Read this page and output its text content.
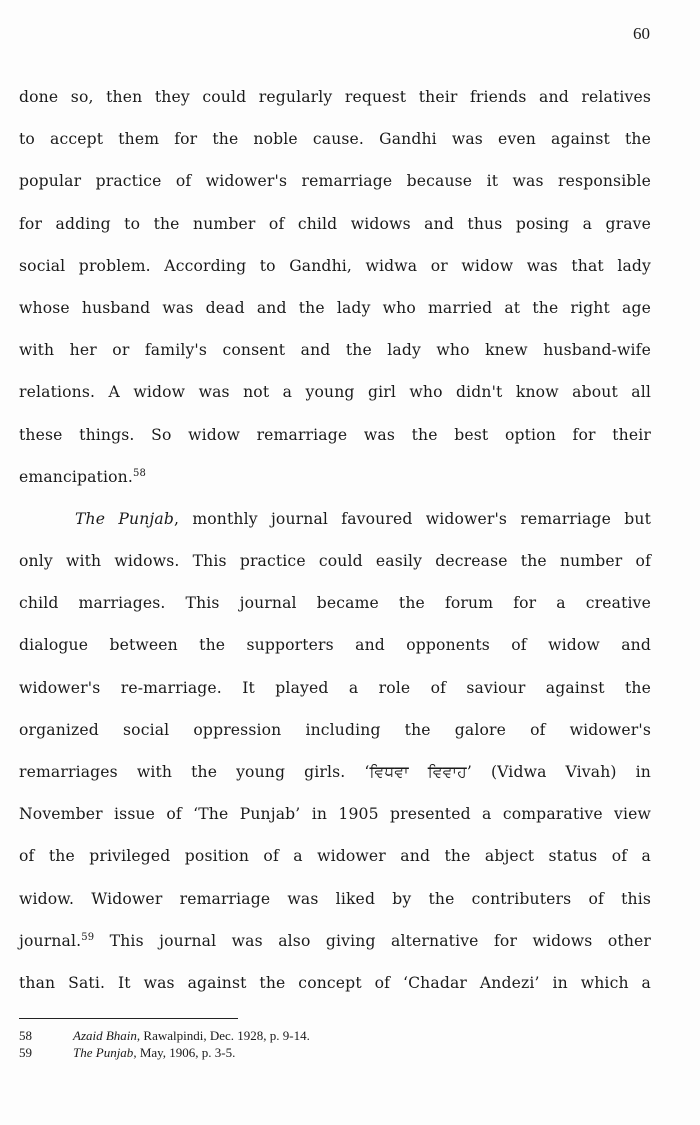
60
done so, then they could regularly request their friends and relatives
to accept them for the noble cause. Gandhi was even against the
popular practice of widower's remarriage because it was responsible
for adding to the number of child widows and thus posing a grave
social problem. According to Gandhi, widwa or widow was that lady
whose husband was dead and the lady who married at the right age
with her or family's consent and the lady who knew husband-wife
relations. A widow was not a young girl who didn't know about all
these things. So widow remarriage was the best option for their
emancipation.$^{58}$
The Punjab, monthly journal favoured widower's remarriage but
only with widows. This practice could easily decrease the number of
child marriages. This journal became the forum for a creative
dialogue between the supporters and opponents of widow and
widower's re-marriage. It played a role of saviour against the
organized social oppression including the galore of widower's
remarriages with the young girls. ‘ਵਿਧਵਾ ਵਿਵਾਹ’ (Vidwa Vivah) in
November issue of ‘The Punjab’ in 1905 presented a comparative view
of the privileged position of a widower and the abject status of a
widow. Widower remarriage was liked by the contributers of this
journal.$^{59}$ This journal was also giving alternative for widows other
than Sati. It was against the concept of ‘Chadar Andezi’ in which a
58	Azaid Bhain, Rawalpindi, Dec. 1928, p. 9-14.
59	The Punjab, May, 1906, p. 3-5.
